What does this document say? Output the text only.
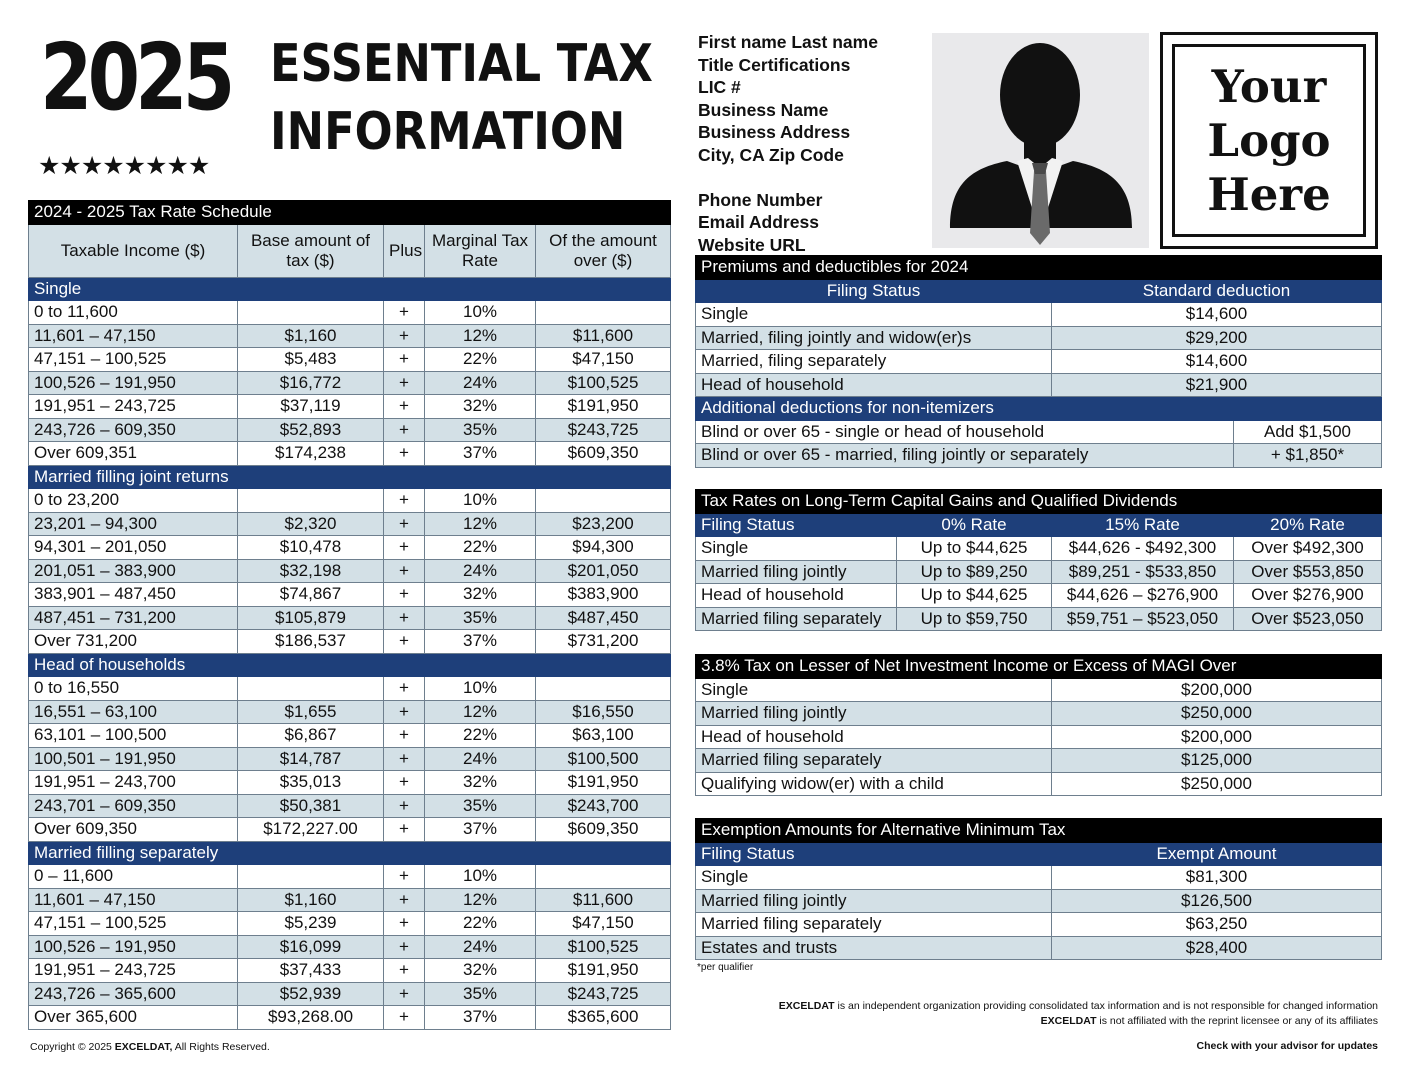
2025
★★★★★★★★
ESSENTIAL TAX
INFORMATION
First name Last name
Title Certifications
LIC #
Business Name
Business Address
City, CA Zip Code
Phone Number
Email Address
Website URL
Your
Logo
Here
2024 - 2025 Tax Rate Schedule				
Taxable Income ($)	Base amount of tax ($)	Plus	Marginal Tax Rate	Of the amount over ($)
Single				
0 to 11,600		+	10%	
11,601 – 47,150	$1,160	+	12%	$11,600
47,151 – 100,525	$5,483	+	22%	$47,150
100,526 – 191,950	$16,772	+	24%	$100,525
191,951 – 243,725	$37,119	+	32%	$191,950
243,726 – 609,350	$52,893	+	35%	$243,725
Over 609,351	$174,238	+	37%	$609,350
Married filling joint returns				
0 to 23,200		+	10%	
23,201 – 94,300	$2,320	+	12%	$23,200
94,301 – 201,050	$10,478	+	22%	$94,300
201,051 – 383,900	$32,198	+	24%	$201,050
383,901 – 487,450	$74,867	+	32%	$383,900
487,451 – 731,200	$105,879	+	35%	$487,450
Over 731,200	$186,537	+	37%	$731,200
Head of households				
0 to 16,550		+	10%	
16,551 – 63,100	$1,655	+	12%	$16,550
63,101 – 100,500	$6,867	+	22%	$63,100
100,501 – 191,950	$14,787	+	24%	$100,500
191,951 – 243,700	$35,013	+	32%	$191,950
243,701 – 609,350	$50,381	+	35%	$243,700
Over 609,350	$172,227.00	+	37%	$609,350
Married filling separately				
0 – 11,600		+	10%	
11,601 – 47,150	$1,160	+	12%	$11,600
47,151 – 100,525	$5,239	+	22%	$47,150
100,526 – 191,950	$16,099	+	24%	$100,525
191,951 – 243,725	$37,433	+	32%	$191,950
243,726 – 365,600	$52,939	+	35%	$243,725
Over 365,600	$93,268.00	+	37%	$365,600
Premiums and deductibles for 2024		
Filing Status	Standard deduction	
Single	$14,600	
Married, filing jointly and widow(er)s	$29,200	
Married, filing separately	$14,600	
Head of household	$21,900	
Additional deductions for non-itemizers		
Blind or over 65 - single or head of household		Add $1,500
Blind or over 65 - married, filing jointly or separately		+ $1,850*
Tax Rates on Long-Term Capital Gains and Qualified Dividends			
Filing Status	0% Rate	15% Rate	20% Rate
Single	Up to $44,625	$44,626 - $492,300	Over $492,300
Married filing jointly	Up to $89,250	$89,251 - $533,850	Over $553,850
Head of household	Up to $44,625	$44,626 – $276,900	Over $276,900
Married filing separately	Up to $59,750	$59,751 – $523,050	Over $523,050
3.8% Tax on Lesser of Net Investment Income or Excess of MAGI Over	
Single	$200,000
Married filing jointly	$250,000
Head of household	$200,000
Married filing separately	$125,000
Qualifying widow(er) with a child	$250,000
Exemption Amounts for Alternative Minimum Tax	
Filing Status	Exempt Amount
Single	$81,300
Married filing jointly	$126,500
Married filing separately	$63,250
Estates and trusts	$28,400
*per qualifier
EXCELDAT is an independent organization providing consolidated tax information and is not responsible for changed information
EXCELDAT is not affiliated with the reprint licensee or any of its affiliates
Copyright © 2025 EXCELDAT, All Rights Reserved.	Check with your advisor for updates
